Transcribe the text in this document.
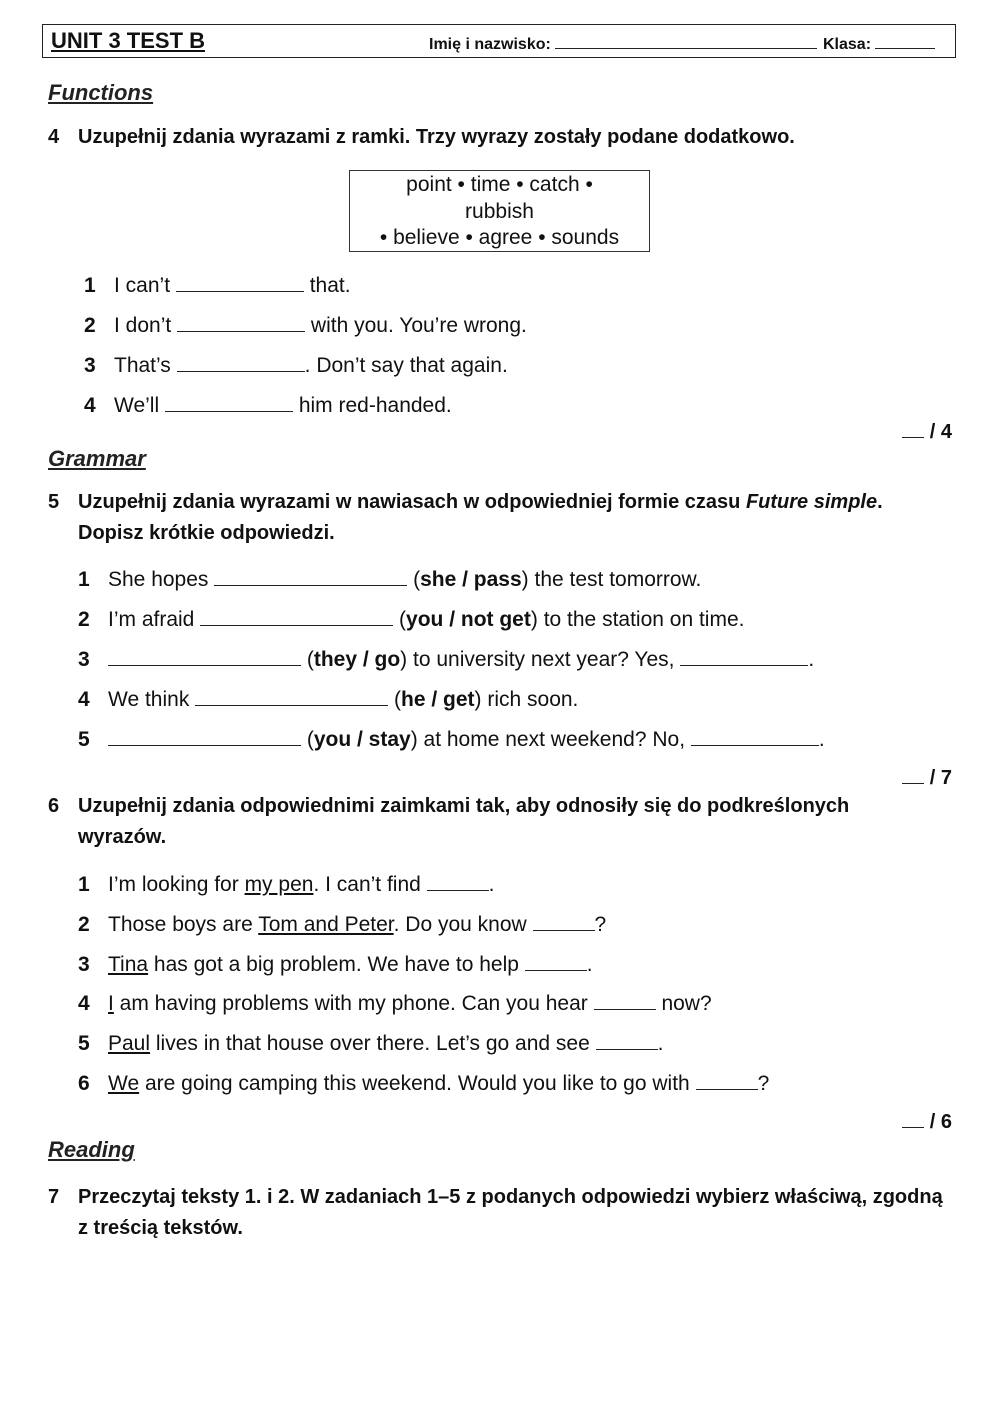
UNIT 3 TEST B	Imię i nazwisko:	Klasa:
Functions
4 Uzupełnij zdania wyrazami z ramki. Trzy wyrazy zostały podane dodatkowo.
point • time • catch •
rubbish
• believe • agree • sounds
1 I can’t	that.
2 I don’t	with you. You’re wrong.
3 That’s	. Don’t say that again.
4 We’ll	him red-handed.
/ 4
Grammar
5 Uzupełnij zdania wyrazami w nawiasach w odpowiedniej formie czasu Future simple. Dopisz krótkie odpowiedzi.
1 She hopes	(she / pass) the test tomorrow.
2 I’m afraid	(you / not get) to the station on time.
3	(they / go) to university next year? Yes,	.
4 We think	(he / get) rich soon.
5	(you / stay) at home next weekend? No,	.
/ 7
6 Uzupełnij zdania odpowiednimi zaimkami tak, aby odnosiły się do podkreślonych wyrazów.
1 I’m looking for my pen. I can’t find	.
2 Those boys are Tom and Peter. Do you know	?
3 Tina has got a big problem. We have to help	.
4 I am having problems with my phone. Can you hear	now?
5 Paul lives in that house over there. Let’s go and see	.
6 We are going camping this weekend. Would you like to go with	?
/ 6
Reading
7 Przeczytaj teksty 1. i 2. W zadaniach 1–5 z podanych odpowiedzi wybierz właściwą, zgodną z treścią tekstów.
